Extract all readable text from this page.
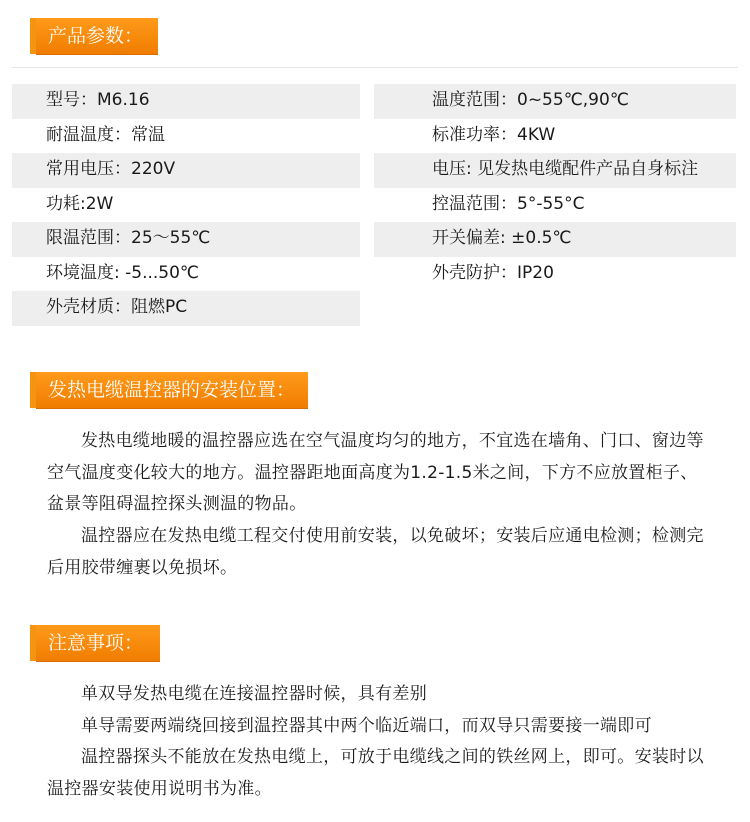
产品参数：
型号：M6.16
耐温温度：常温
常用电压：220V
功耗:2W
限温范围：25～55℃
环境温度: -5...50℃
外壳材质：阻燃PC
温度范围：0~55℃,90℃
标准功率：4KW
电压: 见发热电缆配件产品自身标注
控温范围：5°-55°C
开关偏差: ±0.5℃
外壳防护：IP20
发热电缆温控器的安装位置：
发热电缆地暖的温控器应选在空气温度均匀的地方，不宜选在墙角、门口、窗边等空气温度变化较大的地方。温控器距地面高度为1.2-1.5米之间，下方不应放置柜子、盆景等阻碍温控探头测温的物品。
温控器应在发热电缆工程交付使用前安装，以免破坏；安装后应通电检测；检测完后用胶带缠裹以免损坏。
注意事项：
单双导发热电缆在连接温控器时候，具有差别
单导需要两端绕回接到温控器其中两个临近端口，而双导只需要接一端即可
温控器探头不能放在发热电缆上，可放于电缆线之间的铁丝网上，即可。安装时以温控器安装使用说明书为准。
